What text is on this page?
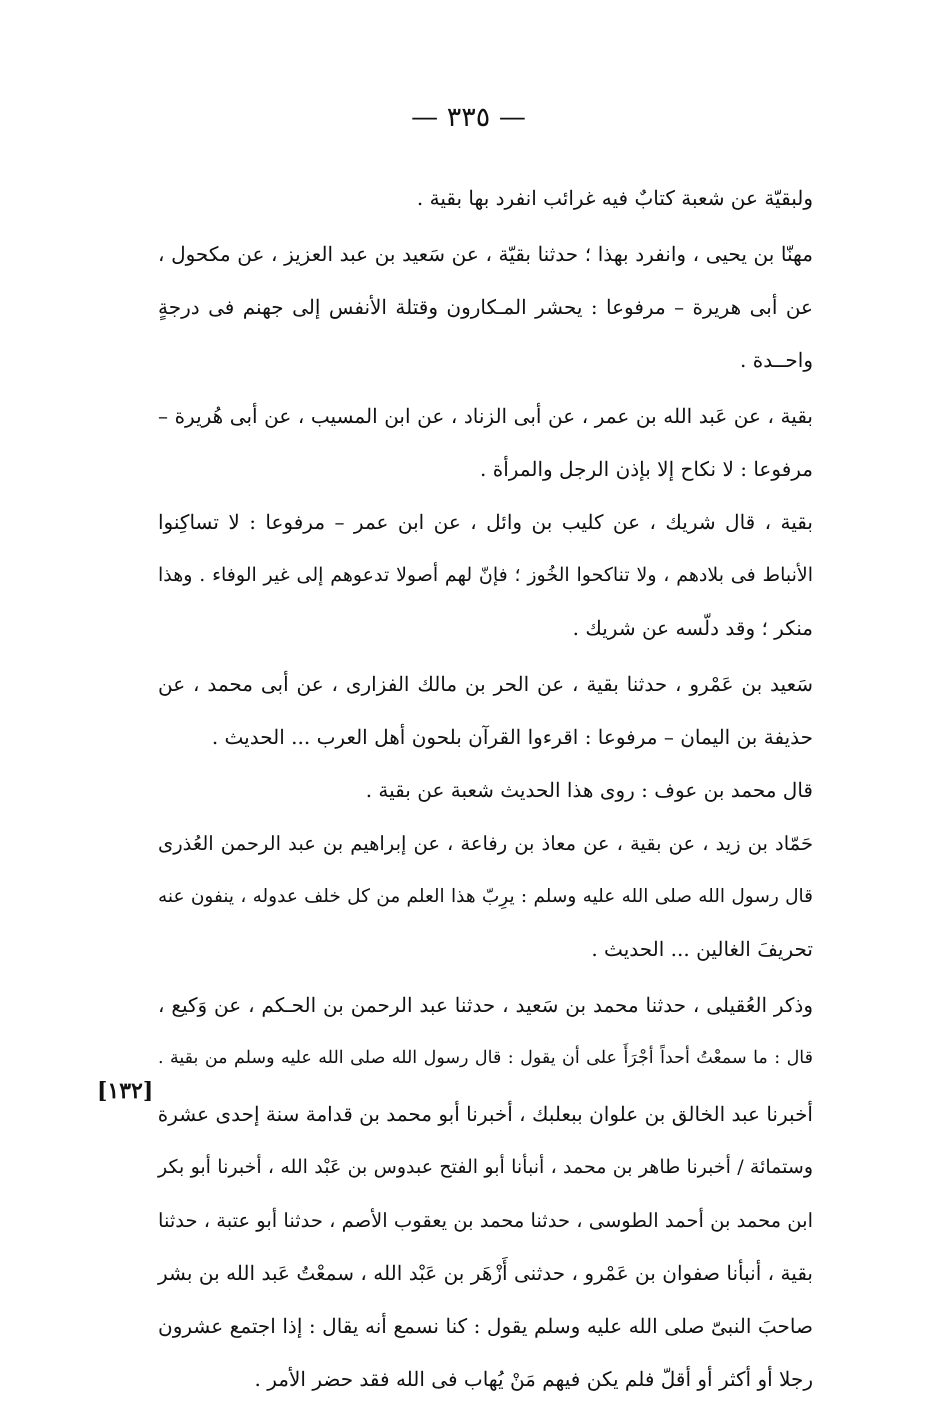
— ٣٣٥ —
ولبقيّة عن شعبة كتابٌ فيه غرائب انفرد بها بقية .
مهنّا بن يحيى ، وانفرد بهذا ؛ حدثنا بقيّة ، عن سَعيد بن عبد العزيز ، عن مكحول ،
عن أبى هريرة – مرفوعا : يحشر المـكارون وقتلة الأنفس إلى جهنم فى درجةٍ
واحــدة .
بقية ، عن عَبد الله بن عمر ، عن أبى الزناد ، عن ابن المسيب ، عن أبى هُريرة –
مرفوعا : لا نكاح إلا بإذن الرجل والمرأة .
بقية ، قال شريك ، عن كليب بن وائل ، عن ابن عمر – مرفوعا : لا تساكِنوا
الأنباط فى بلادهم ، ولا تناكحوا الخُوز ؛ فإنّ لهم أصولا تدعوهم إلى غير الوفاء . وهذا
منكر ؛ وقد دلّسه عن شريك .
سَعيد بن عَمْرو ، حدثنا بقية ، عن الحر بن مالك الفزارى ، عن أبى محمد ، عن
حذيفة بن اليمان – مرفوعا : اقرءوا القرآن بلحون أهل العرب ... الحديث .
قال محمد بن عوف : روى هذا الحديث شعبة عن بقية .
حَمّاد بن زيد ، عن بقية ، عن معاذ بن رفاعة ، عن إبراهيم بن عبد الرحمن العُذرى
قال رسول الله صلى الله عليه وسلم : يرِبّ هذا العلم من كل خلف عدوله ، ينفون عنه
تحريفَ الغالين ... الحديث .
وذكر العُقيلى ، حدثنا محمد بن سَعيد ، حدثنا عبد الرحمن بن الحـكم ، عن وَكيع ،
قال : ما سمعْتُ أحداً أجْرَأَ على أن يقول : قال رسول الله صلى الله عليه وسلم من بقية .
أخبرنا عبد الخالق بن علوان ببعلبك ، أخبرنا أبو محمد بن قدامة سنة إحدى عشرة
وستمائة / أخبرنا طاهر بن محمد ، أنبأنا أبو الفتح عبدوس بن عَبْد الله ، أخبرنا أبو بكر
ابن محمد بن أحمد الطوسى ، حدثنا محمد بن يعقوب الأصم ، حدثنا أبو عتبة ، حدثنا
بقية ، أنبأنا صفوان بن عَمْرو ، حدثنى أَزْهَر بن عَبْد الله ، سمعْتُ عَبد الله بن بشر
صاحبَ النبىّ صلى الله عليه وسلم يقول : كنا نسمع أنه يقال : إذا اجتمع عشرون
رجلا أو أكثر أو أقلّ فلم يكن فيهم مَنْ يُهاب فى الله فقد حضر الأمر .
[١٣٢]
